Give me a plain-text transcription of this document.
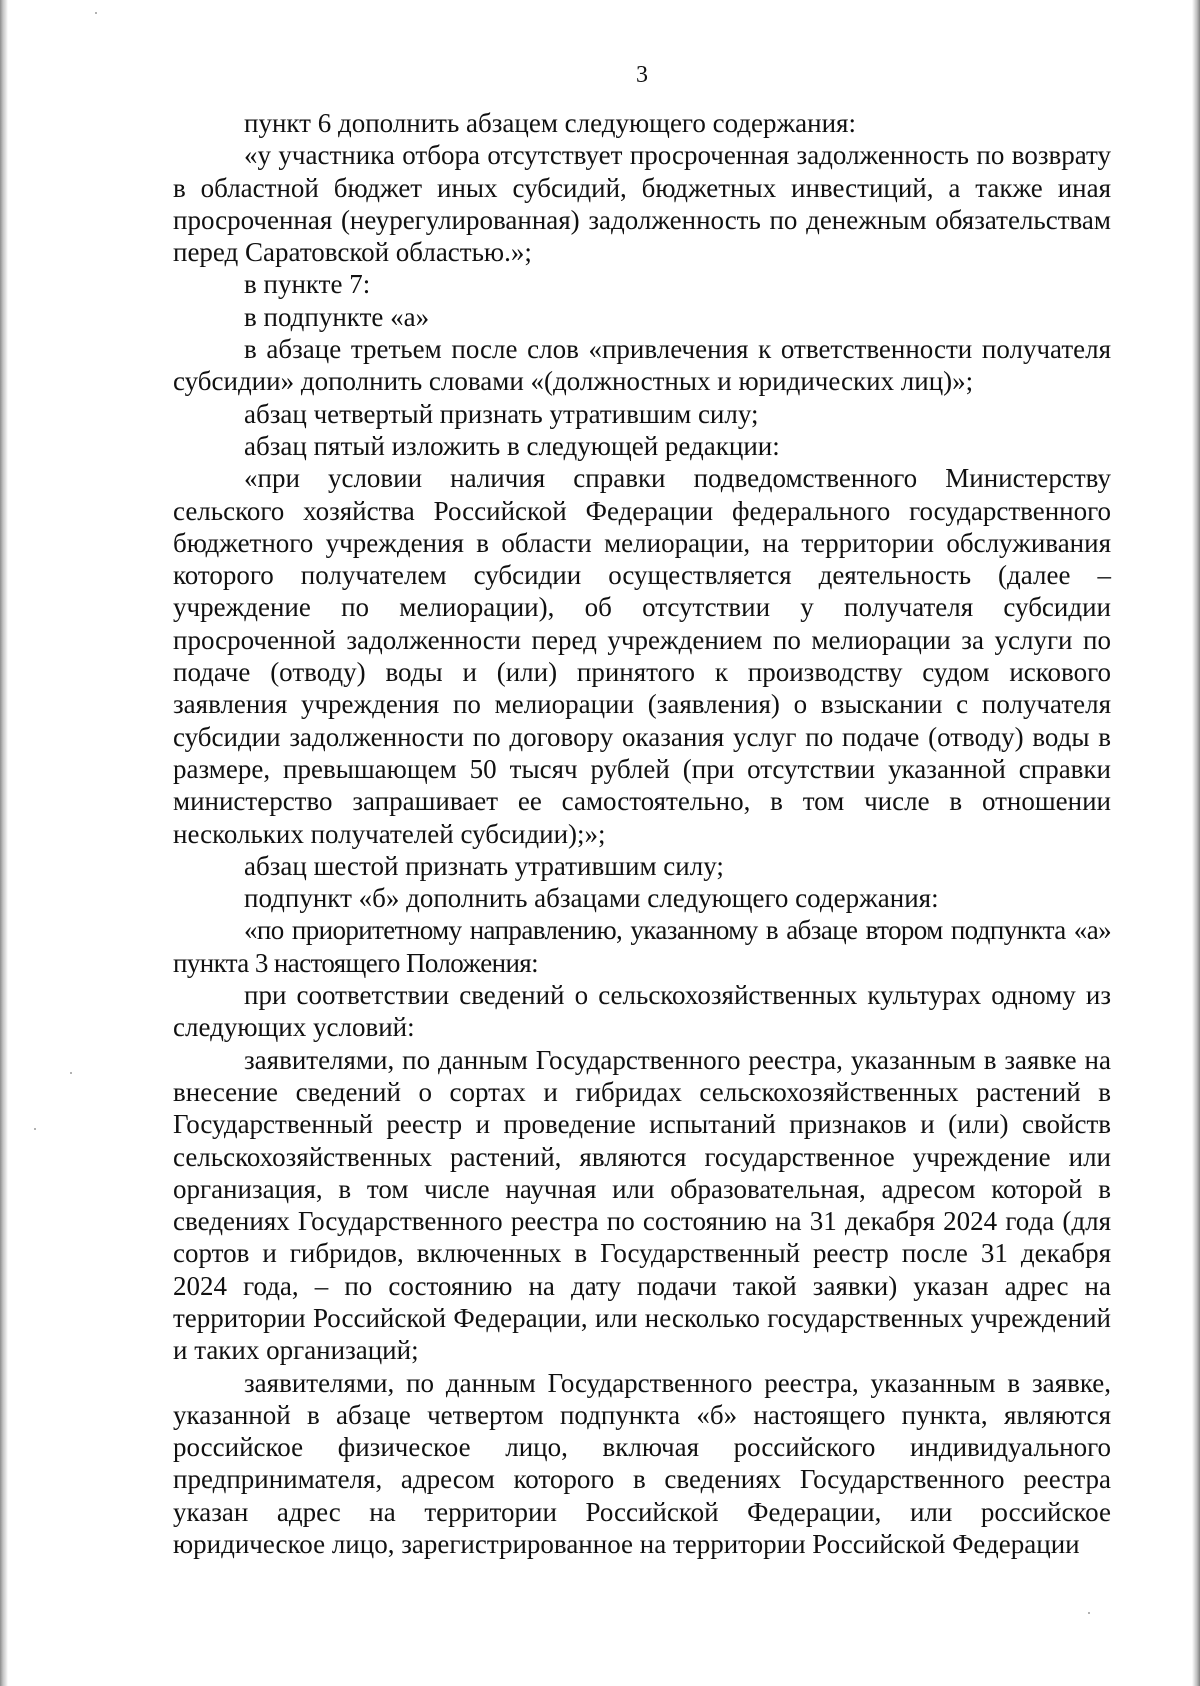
3

пункт 6 дополнить абзацем следующего содержания:

«у участника отбора отсутствует просроченная задолженность по возврату в областной бюджет иных субсидий, бюджетных инвестиций, а также иная просроченная (неурегулированная) задолженность по денежным обязательствам перед Саратовской областью.»;

в пункте 7:

в подпункте «а»

в абзаце третьем после слов «привлечения к ответственности получателя субсидии» дополнить словами «(должностных и юридических лиц)»;

абзац четвертый признать утратившим силу;

абзац пятый изложить в следующей редакции:

«при условии наличия справки подведомственного Министерству сельского хозяйства Российской Федерации федерального государственного бюджетного учреждения в области мелиорации, на территории обслуживания которого получателем субсидии осуществляется деятельность (далее – учреждение по мелиорации), об отсутствии у получателя субсидии просроченной задолженности перед учреждением по мелиорации за услуги по подаче (отводу) воды и (или) принятого к производству судом искового заявления учреждения по мелиорации (заявления) о взыскании с получателя субсидии задолженности по договору оказания услуг по подаче (отводу) воды в размере, превышающем 50 тысяч рублей (при отсутствии указанной справки министерство запрашивает ее самостоятельно, в том числе в отношении нескольких получателей субсидии);»;

абзац шестой признать утратившим силу;

подпункт «б» дополнить абзацами следующего содержания:

«по приоритетному направлению, указанному в абзаце втором подпункта «а» пункта 3 настоящего Положения:

при соответствии сведений о сельскохозяйственных культурах одному из следующих условий:

заявителями, по данным Государственного реестра, указанным в заявке на внесение сведений о сортах и гибридах сельскохозяйственных растений в Государственный реестр и проведение испытаний признаков и (или) свойств сельскохозяйственных растений, являются государственное учреждение или организация, в том числе научная или образовательная, адресом которой в сведениях Государственного реестра по состоянию на 31 декабря 2024 года (для сортов и гибридов, включенных в Государственный реестр после 31 декабря 2024 года, – по состоянию на дату подачи такой заявки) указан адрес на территории Российской Федерации, или несколько государственных учреждений и таких организаций;

заявителями, по данным Государственного реестра, указанным в заявке, указанной в абзаце четвертом подпункта «б» настоящего пункта, являются российское физическое лицо, включая российского индивидуального предпринимателя, адресом которого в сведениях Государственного реестра указан адрес на территории Российской Федерации, или российское юридическое лицо, зарегистрированное на территории Российской Федерации
